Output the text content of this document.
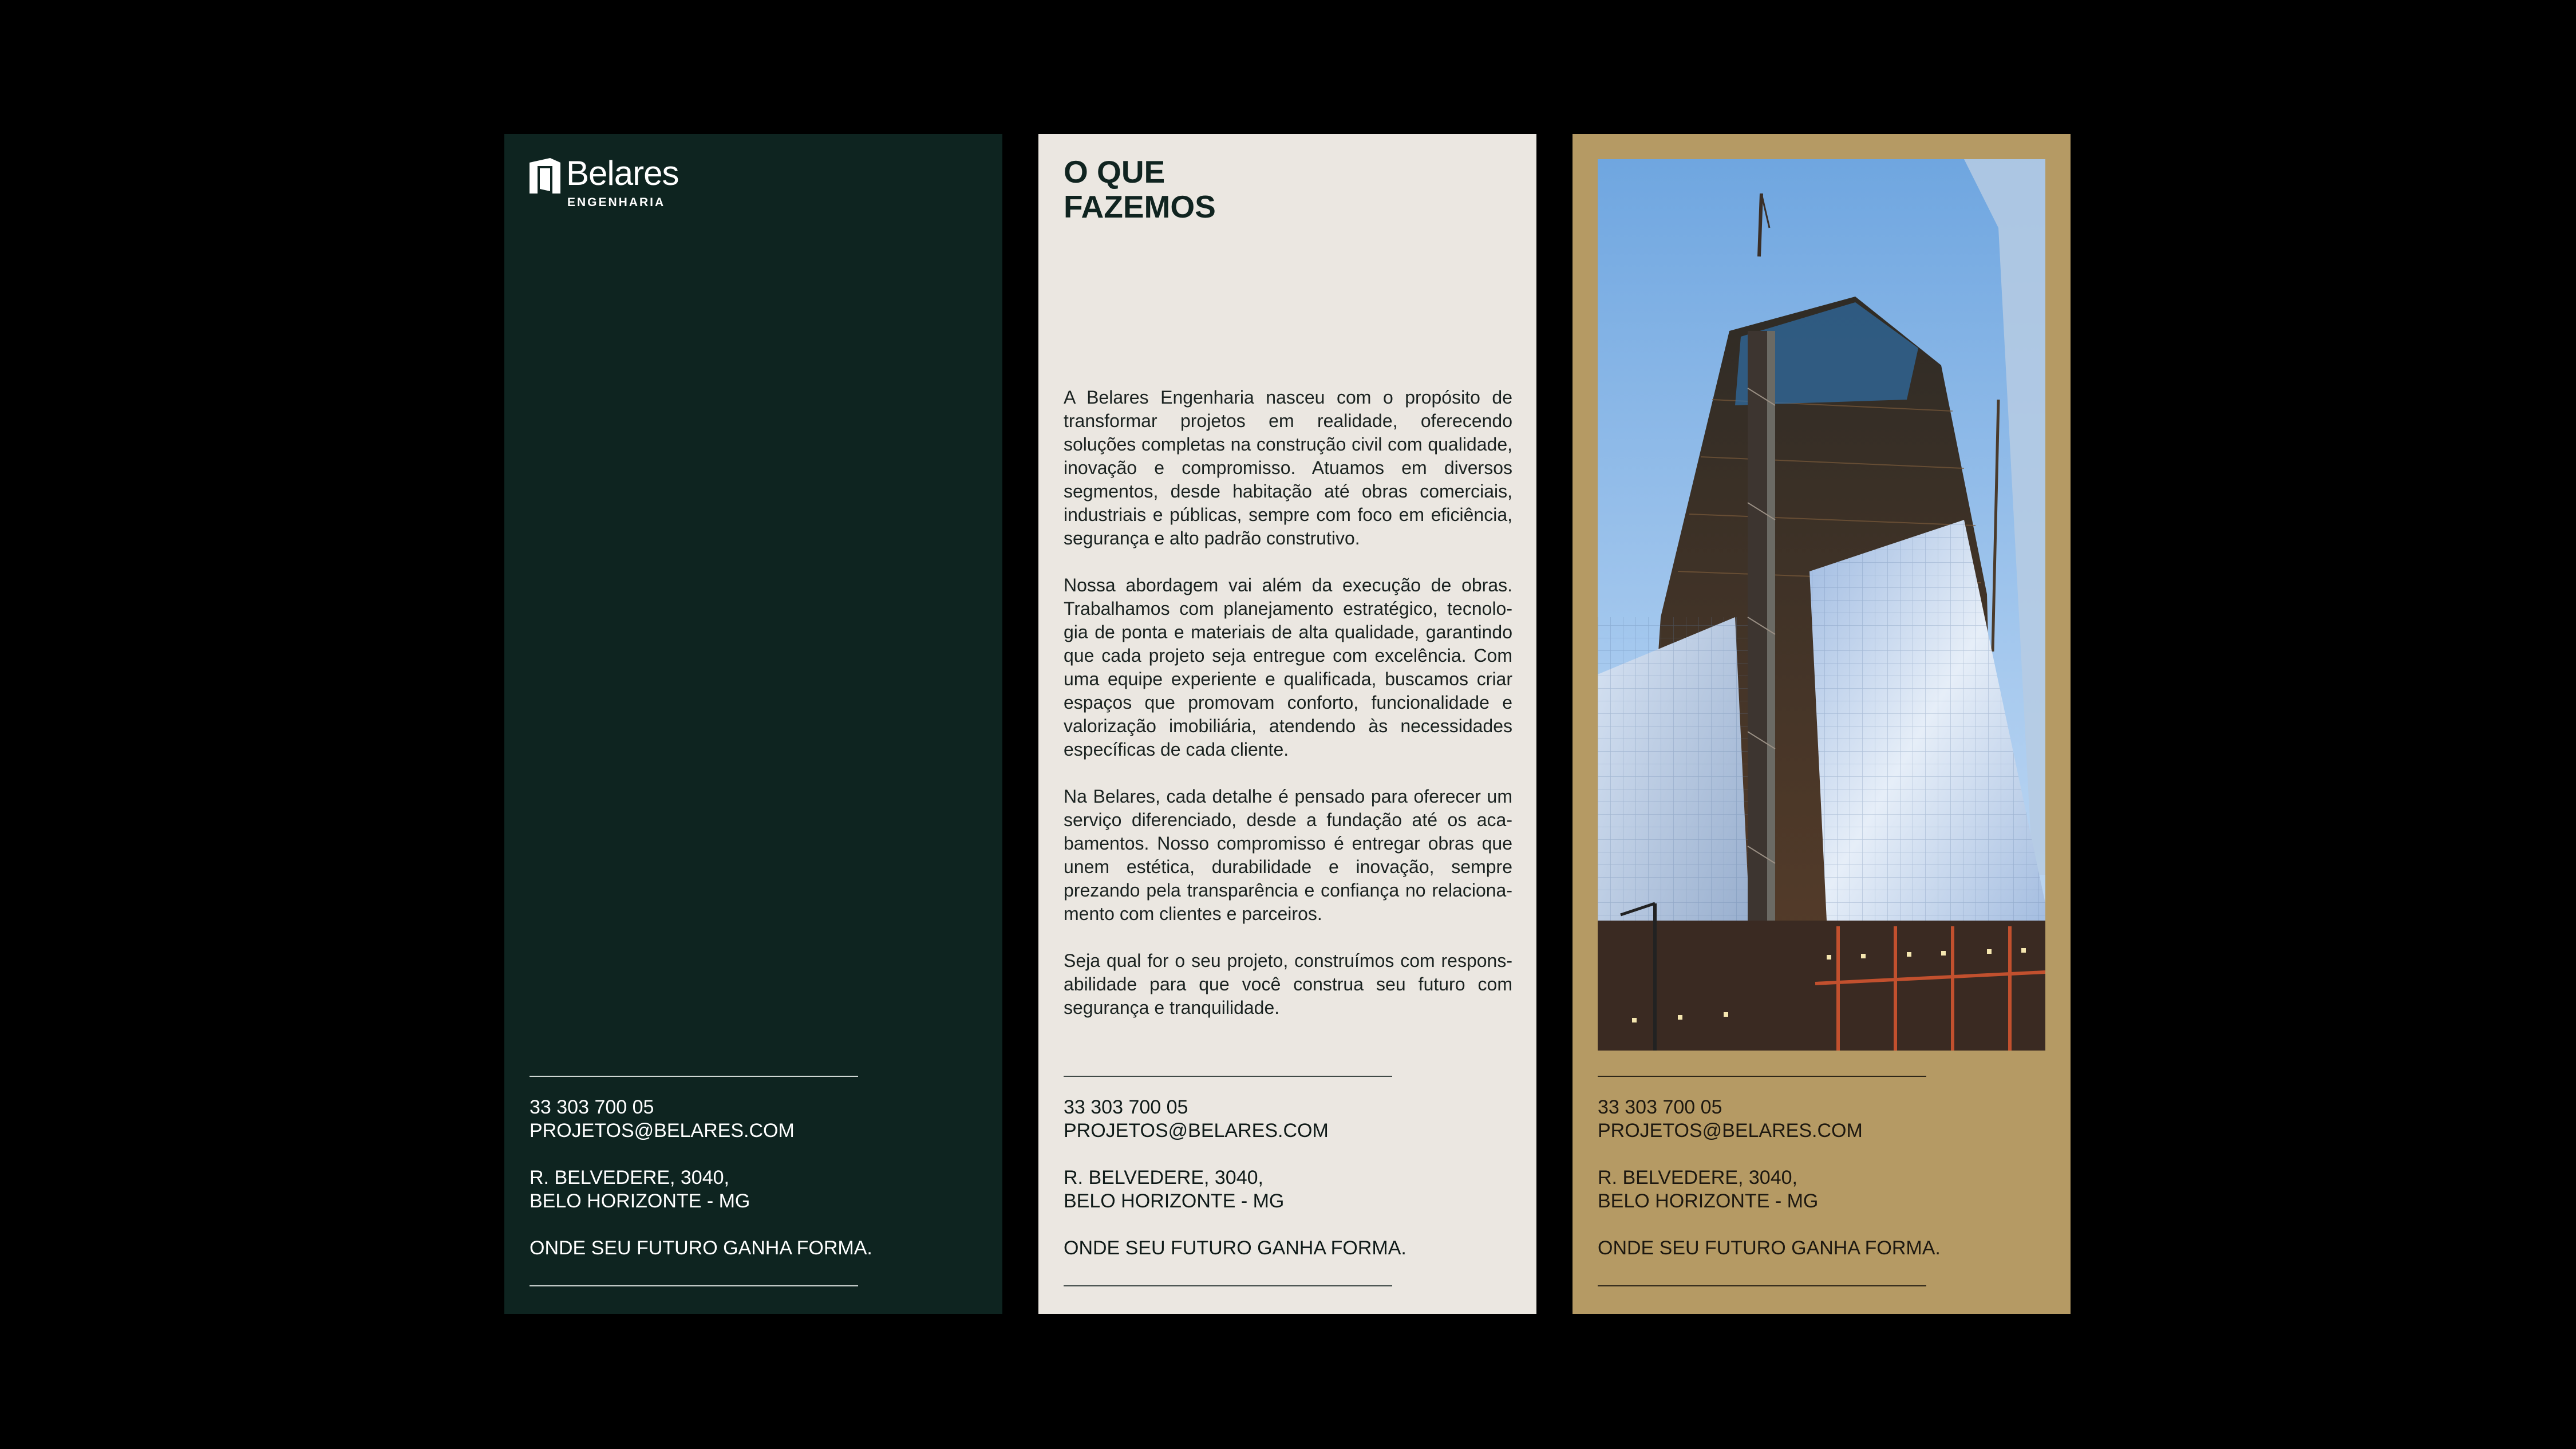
Belares
ENGENHARIA
33 303 700 05
PROJETOS@BELARES.COM
R. BELVEDERE, 3040,
BELO HORIZONTE - MG
ONDE SEU FUTURO GANHA FORMA.
O QUE
FAZEMOS

A Belares Engenharia nasceu com o propósito de transformar projetos em realidade, oferecendo soluções completas na construção civil com qualidade, inovação e compromisso. Atuamos em diversos segmentos, desde habitação até obras comerciais, industriais e públicas, sempre com foco em eficiência, segurança e alto padrão construtivo.

Nossa abordagem vai além da execução de obras. Trabalhamos com planejamento estratégico, tecnologia de ponta e materiais de alta qualidade, garantindo que cada projeto seja entregue com excelência. Com uma equipe experiente e qualificada, buscamos criar espaços que promovam conforto, funcionalidade e valorização imobiliária, atendendo às necessidades específicas de cada cliente.

Na Belares, cada detalhe é pensado para oferecer um serviço diferenciado, desde a fundação até os acabamentos. Nosso compromisso é entregar obras que unem estética, durabilidade e inovação, sempre prezando pela transparência e confiança no relacionamento com clientes e parceiros.

Seja qual for o seu projeto, construímos com responsabilidade para que você construa seu futuro com segurança e tranquilidade.

33 303 700 05
PROJETOS@BELARES.COM
R. BELVEDERE, 3040,
BELO HORIZONTE - MG
ONDE SEU FUTURO GANHA FORMA.
33 303 700 05
PROJETOS@BELARES.COM
R. BELVEDERE, 3040,
BELO HORIZONTE - MG
ONDE SEU FUTURO GANHA FORMA.
